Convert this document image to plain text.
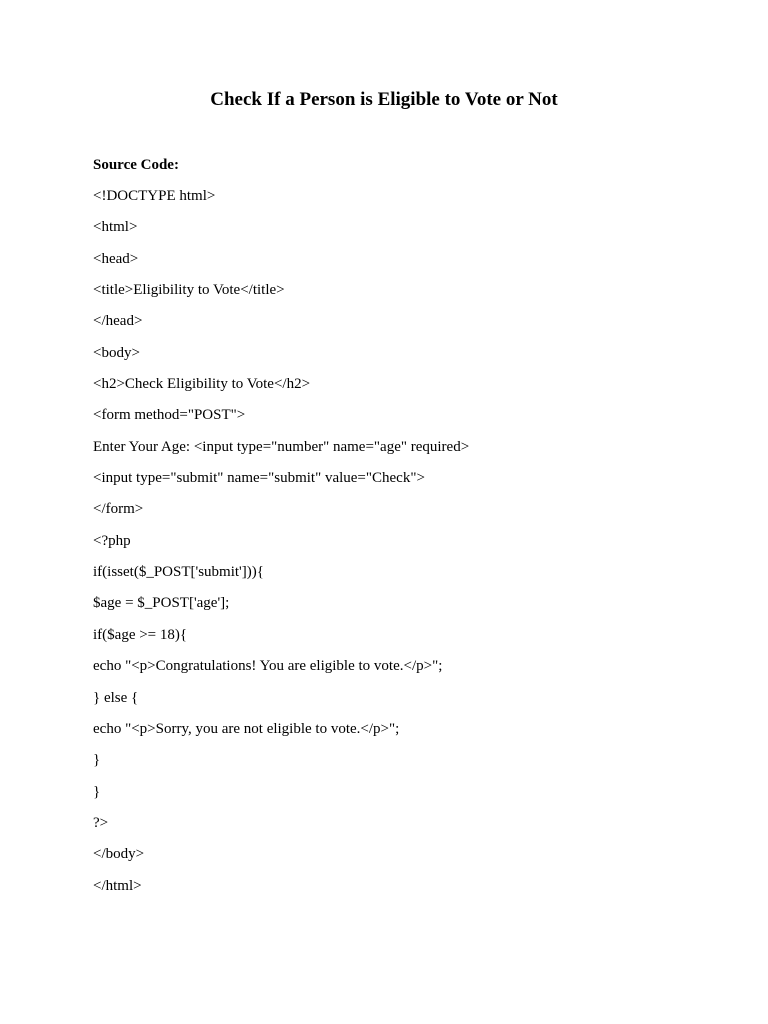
Check If a Person is Eligible to Vote or Not

Source Code:

<!DOCTYPE html>
<html>
<head>
<title>Eligibility to Vote</title>
</head>
<body>
<h2>Check Eligibility to Vote</h2>
<form method="POST">
Enter Your Age: <input type="number" name="age" required>
<input type="submit" name="submit" value="Check">
</form>
<?php
if(isset($_POST['submit'])){
$age = $_POST['age'];
if($age >= 18){
echo "<p>Congratulations! You are eligible to vote.</p>";
} else {
echo "<p>Sorry, you are not eligible to vote.</p>";
}
}
?>
</body>
</html>
